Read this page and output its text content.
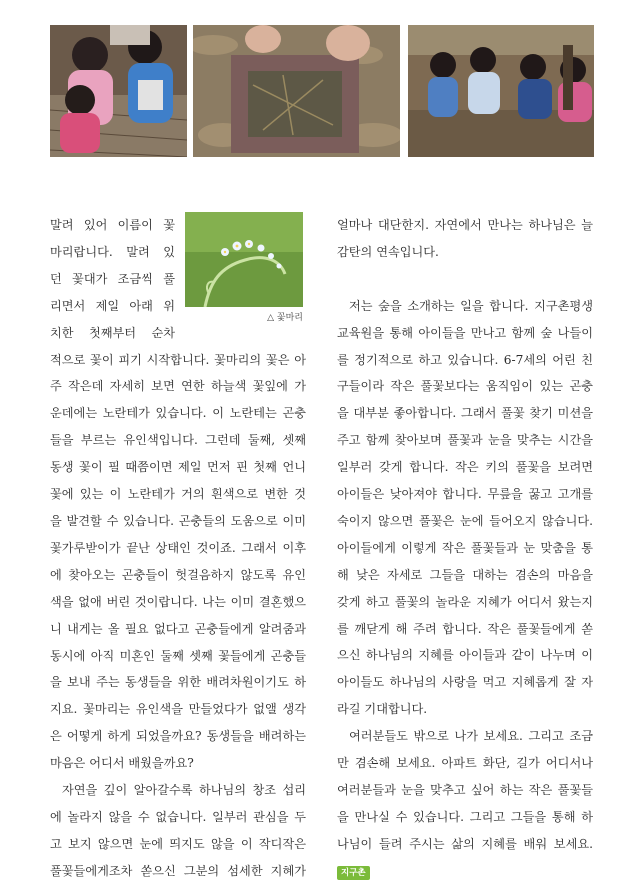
△ 꽃마리
말려 있어 이름이 꽃
마리랍니다. 말려 있
던 꽃대가 조금씩 풀
리면서 제일 아래 위
치한 첫째부터 순차
적으로 꽃이 피기 시작합니다. 꽃마리의 꽃은 아
주 작은데 자세히 보면 연한 하늘색 꽃잎에 가
운데에는 노란테가 있습니다. 이 노란테는 곤충
들을 부르는 유인색입니다. 그런데 둘째, 셋째
동생 꽃이 필 때쯤이면 제일 먼저 핀 첫째 언니
꽃에 있는 이 노란테가 거의 흰색으로 변한 것
을 발견할 수 있습니다. 곤충들의 도움으로 이미
꽃가루받이가 끝난 상태인 것이죠. 그래서 이후
에 찾아오는 곤충들이 헛걸음하지 않도록 유인
색을 없애 버린 것이랍니다. 나는 이미 결혼했으
니 내게는 올 필요 없다고 곤충들에게 알려줌과
동시에 아직 미혼인 둘째 셋째 꽃들에게 곤충들
을 보내 주는 동생들을 위한 배려차원이기도 하
지요. 꽃마리는 유인색을 만들었다가 없앨 생각
은 어떻게 하게 되었을까요? 동생들을 배려하는
마음은 어디서 배웠을까요?
자연을 깊이 알아갈수록 하나님의 창조 섭리
에 놀라지 않을 수 없습니다. 일부러 관심을 두
고 보지 않으면 눈에 띄지도 않을 이 작디작은
풀꽃들에게조차 쏟으신 그분의 섬세한 지혜가
얼마나 대단한지. 자연에서 만나는 하나님은 늘
감탄의 연속입니다.
저는 숲을 소개하는 일을 합니다. 지구촌평생
교육원을 통해 아이들을 만나고 함께 숲 나들이
를 정기적으로 하고 있습니다. 6-7세의 어린 친
구들이라 작은 풀꽃보다는 움직임이 있는 곤충
을 대부분 좋아합니다. 그래서 풀꽃 찾기 미션을
주고 함께 찾아보며 풀꽃과 눈을 맞추는 시간을
일부러 갖게 합니다. 작은 키의 풀꽃을 보려면
아이들은 낮아져야 합니다. 무릎을 꿇고 고개를
숙이지 않으면 풀꽃은 눈에 들어오지 않습니다.
아이들에게 이렇게 작은 풀꽃들과 눈 맞춤을 통
해 낮은 자세로 그들을 대하는 겸손의 마음을
갖게 하고 풀꽃의 놀라운 지혜가 어디서 왔는지
를 깨닫게 해 주려 합니다. 작은 풀꽃들에게 쏟
으신 하나님의 지혜를 아이들과 같이 나누며 이
아이들도 하나님의 사랑을 먹고 지혜롭게 잘 자
라길 기대합니다.
여러분들도 밖으로 나가 보세요. 그리고 조금
만 겸손해 보세요. 아파트 화단, 길가 어디서나
여러분들과 눈을 맞추고 싶어 하는 작은 풀꽃들
을 만나실 수 있습니다. 그리고 그들을 통해 하
나님이 들려 주시는 삶의 지혜를 배워 보세요.
지구촌
